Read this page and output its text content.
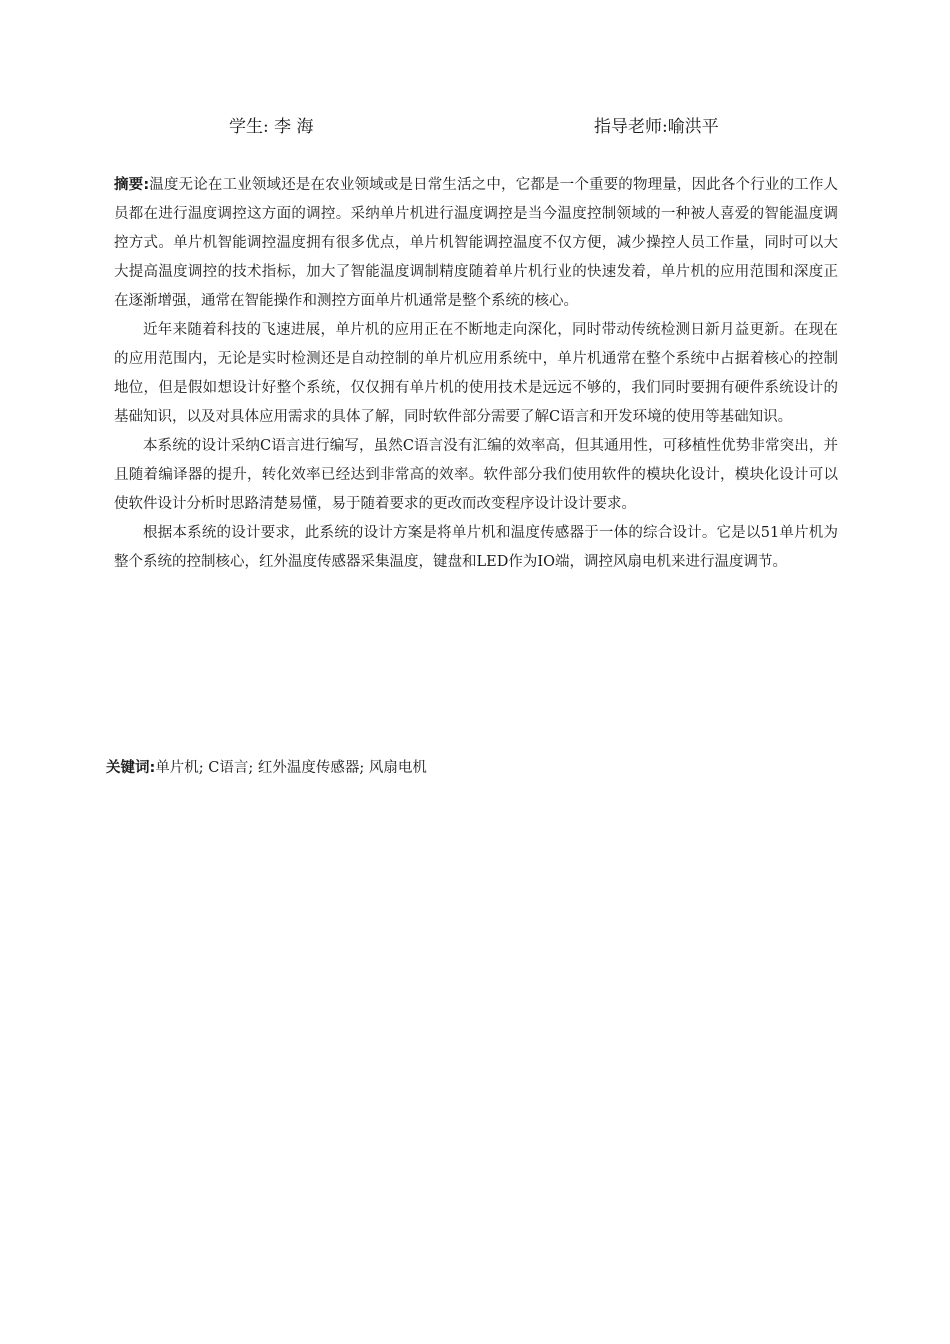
学生: 李 海	指导老师:喻洪平

摘要:温度无论在工业领域还是在农业领域或是日常生活之中，它都是一个重要的物理量，因此各个行业的工作人员都在进行温度调控这方面的调控。采纳单片机进行温度调控是当今温度控制领域的一种被人喜爱的智能温度调控方式。单片机智能调控温度拥有很多优点，单片机智能调控温度不仅方便，减少操控人员工作量，同时可以大大提高温度调控的技术指标，加大了智能温度调制精度随着单片机行业的快速发着，单片机的应用范围和深度正在逐渐增强，通常在智能操作和测控方面单片机通常是整个系统的核心。

近年来随着科技的飞速进展，单片机的应用正在不断地走向深化，同时带动传统检测日新月益更新。在现在的应用范围内，无论是实时检测还是自动控制的单片机应用系统中，单片机通常在整个系统中占据着核心的控制地位，但是假如想设计好整个系统，仅仅拥有单片机的使用技术是远远不够的，我们同时要拥有硬件系统设计的基础知识，以及对具体应用需求的具体了解，同时软件部分需要了解C语言和开发环境的使用等基础知识。

本系统的设计采纳C语言进行编写，虽然C语言没有汇编的效率高，但其通用性，可移植性优势非常突出，并且随着编译器的提升，转化效率已经达到非常高的效率。软件部分我们使用软件的模块化设计，模块化设计可以使软件设计分析时思路清楚易懂，易于随着要求的更改而改变程序设计设计要求。

根据本系统的设计要求，此系统的设计方案是将单片机和温度传感器于一体的综合设计。它是以51单片机为整个系统的控制核心，红外温度传感器采集温度，键盘和LED作为IO端，调控风扇电机来进行温度调节。

关键词:单片机; C语言; 红外温度传感器; 风扇电机
